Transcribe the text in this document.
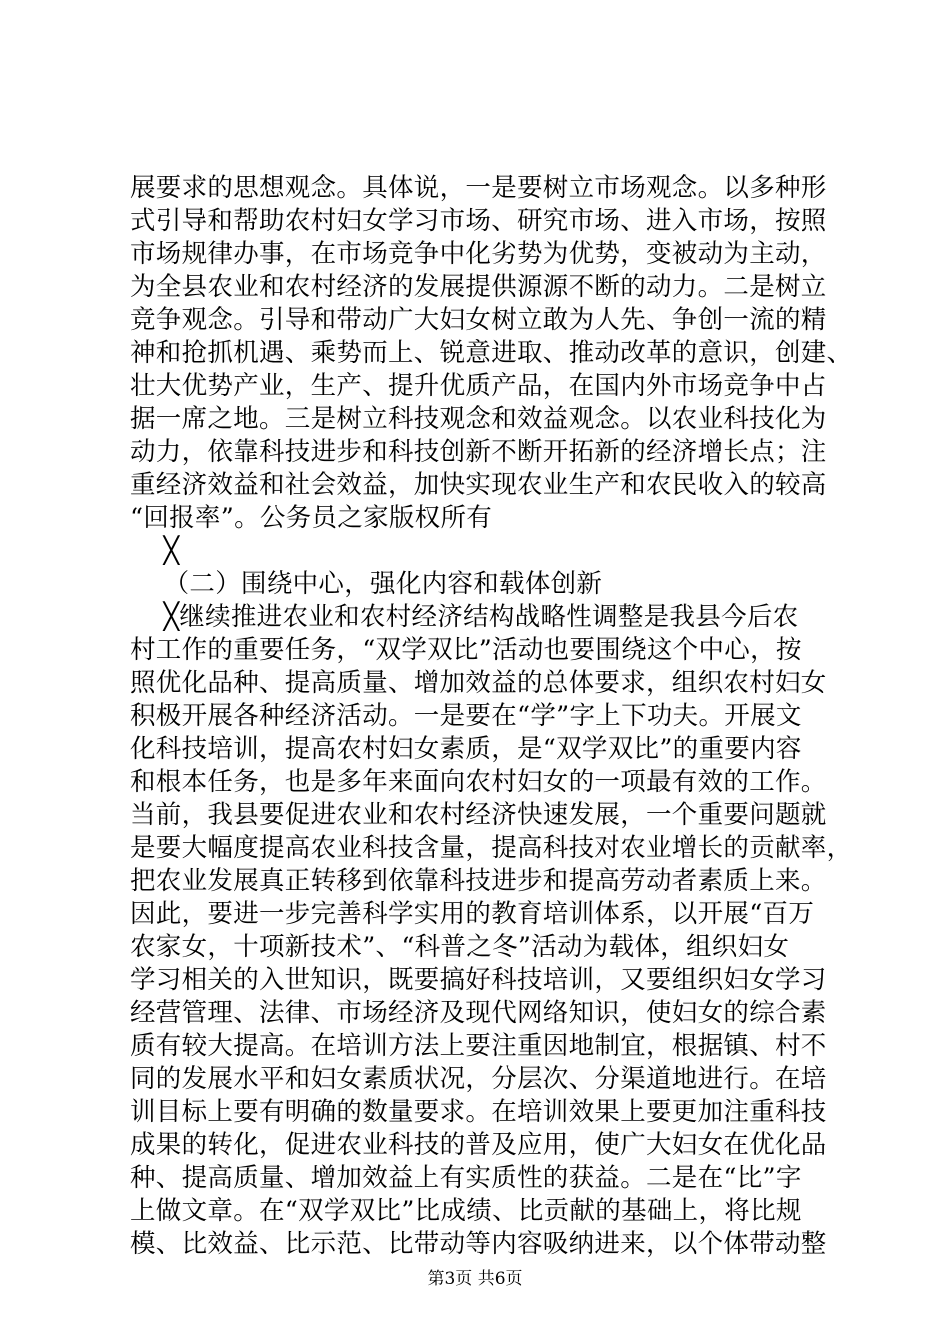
展要求的思想观念。具体说，一是要树立市场观念。以多种形
式引导和帮助农村妇女学习市场、研究市场、进入市场，按照
市场规律办事，在市场竞争中化劣势为优势，变被动为主动，
为全县农业和农村经济的发展提供源源不断的动力。二是树立
竞争观念。引导和带动广大妇女树立敢为人先、争创一流的精
神和抢抓机遇、乘势而上、锐意进取、推动改革的意识，创建、
壮大优势产业，生产、提升优质产品，在国内外市场竞争中占
据一席之地。三是树立科技观念和效益观念。以农业科技化为
动力，依靠科技进步和科技创新不断开拓新的经济增长点；注
重经济效益和社会效益，加快实现农业生产和农民收入的较高
“回报率”。公务员之家版权所有
╳
（二）围绕中心，强化内容和载体创新
╳继续推进农业和农村经济结构战略性调整是我县今后农
村工作的重要任务，“双学双比”活动也要围绕这个中心，按
照优化品种、提高质量、增加效益的总体要求，组织农村妇女
积极开展各种经济活动。一是要在“学”字上下功夫。开展文
化科技培训，提高农村妇女素质，是“双学双比”的重要内容
和根本任务，也是多年来面向农村妇女的一项最有效的工作。
当前，我县要促进农业和农村经济快速发展，一个重要问题就
是要大幅度提高农业科技含量，提高科技对农业增长的贡献率，
把农业发展真正转移到依靠科技进步和提高劳动者素质上来。
因此，要进一步完善科学实用的教育培训体系，以开展“百万
农家女，十项新技术”、“科普之冬”活动为载体，组织妇女
学习相关的入世知识，既要搞好科技培训，又要组织妇女学习
经营管理、法律、市场经济及现代网络知识，使妇女的综合素
质有较大提高。在培训方法上要注重因地制宜，根据镇、村不
同的发展水平和妇女素质状况，分层次、分渠道地进行。在培
训目标上要有明确的数量要求。在培训效果上要更加注重科技
成果的转化，促进农业科技的普及应用，使广大妇女在优化品
种、提高质量、增加效益上有实质性的获益。二是在“比”字
上做文章。在“双学双比”比成绩、比贡献的基础上，将比规
模、比效益、比示范、比带动等内容吸纳进来，以个体带动整
第3页 共6页
